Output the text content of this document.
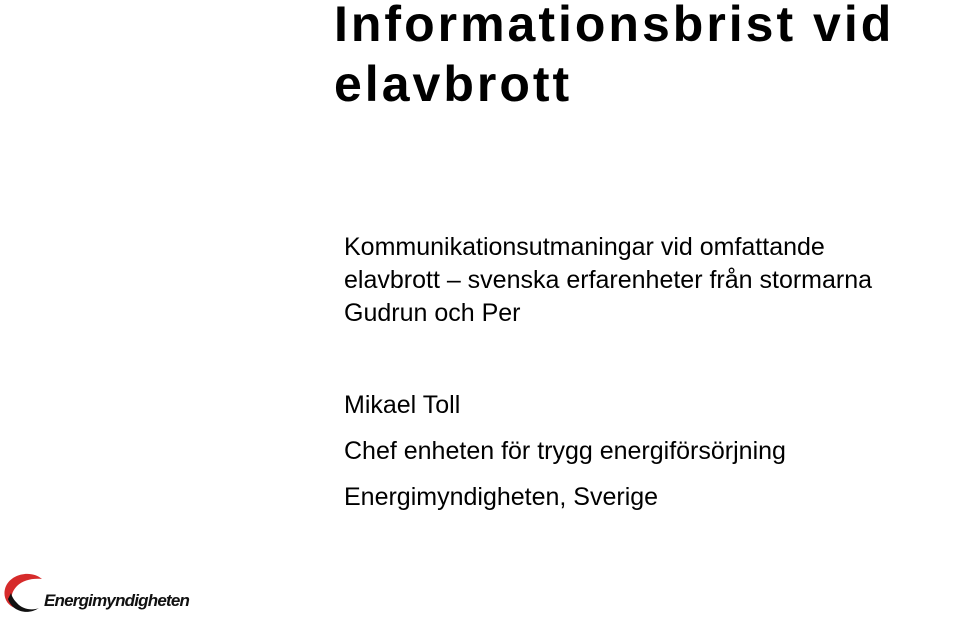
Informationsbrist vid
elavbrott
Kommunikationsutmaningar vid omfattande
elavbrott – svenska erfarenheter från stormarna
Gudrun och Per
Mikael Toll
Chef enheten för trygg energiförsörjning
Energimyndigheten, Sverige
Energimyndigheten
